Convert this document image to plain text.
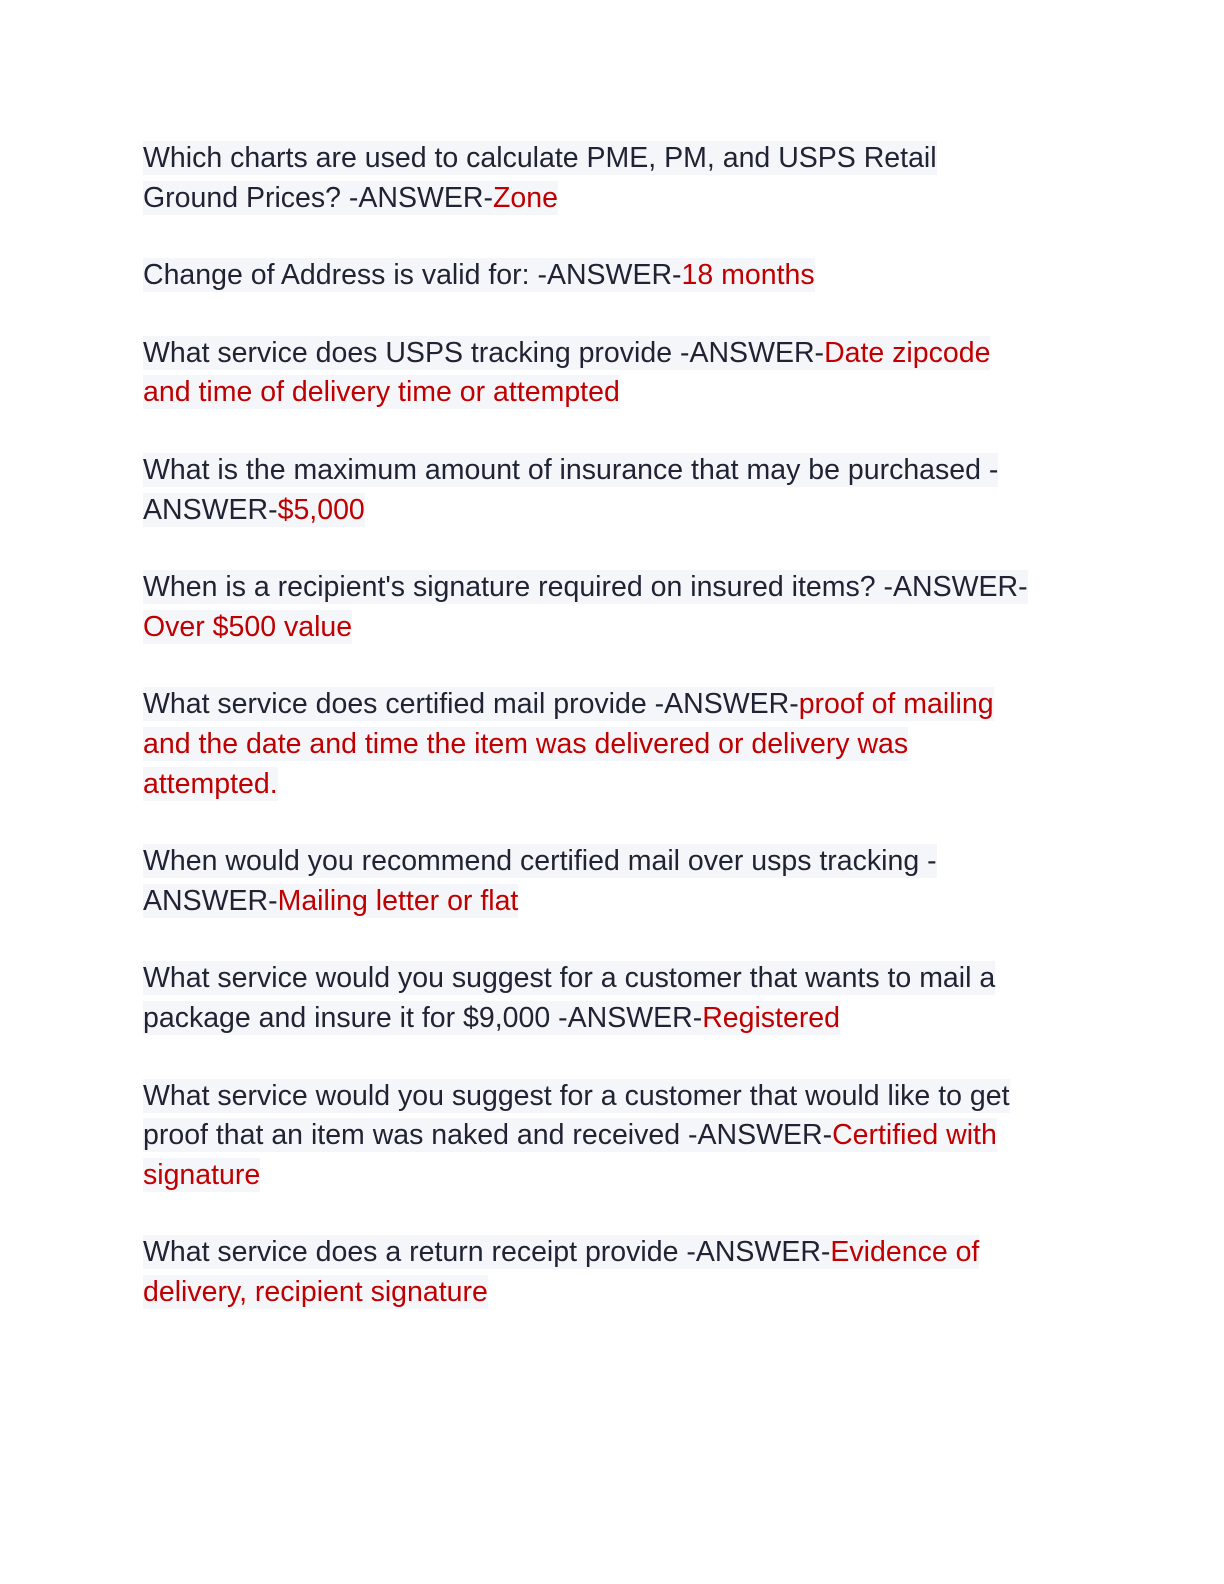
Which charts are used to calculate PME, PM, and USPS Retail
Ground Prices? -ANSWER-Zone
Change of Address is valid for: -ANSWER-18 months
What service does USPS tracking provide -ANSWER-Date zipcode
and time of delivery time or attempted
What is the maximum amount of insurance that may be purchased -
ANSWER-$5,000
When is a recipient's signature required on insured items? -ANSWER-
Over $500 value
What service does certified mail provide -ANSWER-proof of mailing
and the date and time the item was delivered or delivery was
attempted.
When would you recommend certified mail over usps tracking -
ANSWER-Mailing letter or flat
What service would you suggest for a customer that wants to mail a
package and insure it for $9,000 -ANSWER-Registered
What service would you suggest for a customer that would like to get
proof that an item was naked and received -ANSWER-Certified with
signature
What service does a return receipt provide -ANSWER-Evidence of
delivery, recipient signature
